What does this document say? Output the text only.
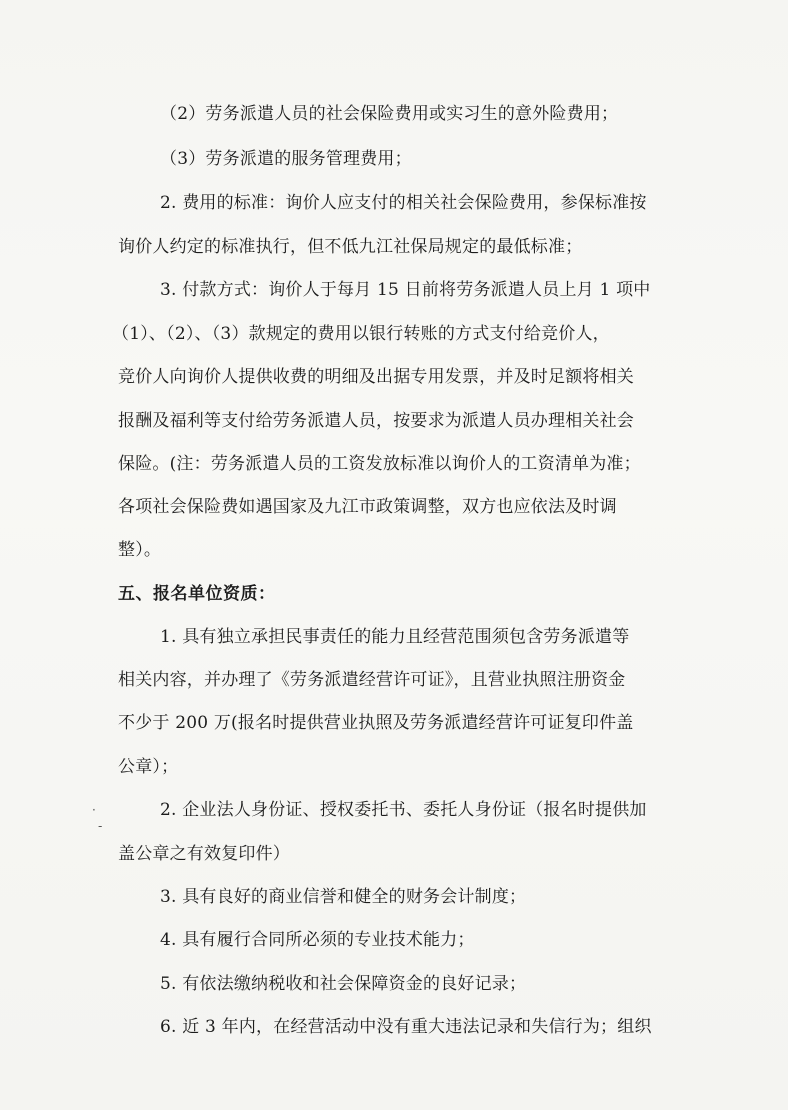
（2）劳务派遣人员的社会保险费用或实习生的意外险费用；
（3）劳务派遣的服务管理费用；
2. 费用的标准：询价人应支付的相关社会保险费用，参保标准按
询价人约定的标准执行，但不低九江社保局规定的最低标准；
3. 付款方式：询价人于每月 15 日前将劳务派遣人员上月 1 项中
（1）、（2）、（3）款规定的费用以银行转账的方式支付给竞价人，
竞价人向询价人提供收费的明细及出据专用发票，并及时足额将相关
报酬及福利等支付给劳务派遣人员，按要求为派遣人员办理相关社会
保险。(注：劳务派遣人员的工资发放标准以询价人的工资清单为准；
各项社会保险费如遇国家及九江市政策调整，双方也应依法及时调
整）。
五、报名单位资质：
1. 具有独立承担民事责任的能力且经营范围须包含劳务派遣等
相关内容，并办理了《劳务派遣经营许可证》，且营业执照注册资金
不少于 200 万(报名时提供营业执照及劳务派遣经营许可证复印件盖
公章）；
2. 企业法人身份证、授权委托书、委托人身份证（报名时提供加
盖公章之有效复印件）
3. 具有良好的商业信誉和健全的财务会计制度；
4. 具有履行合同所必须的专业技术能力；
5. 有依法缴纳税收和社会保障资金的良好记录；
6. 近 3 年内，在经营活动中没有重大违法记录和失信行为；组织
·
-
